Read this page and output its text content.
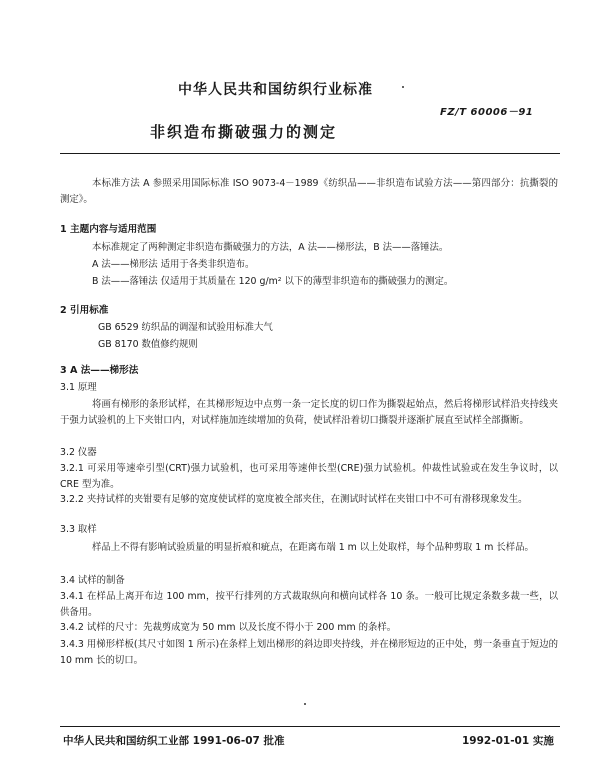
中华人民共和国纺织行业标准
FZ/T 60006－91
非织造布撕破强力的测定
本标准方法 A 参照采用国际标准 ISO 9073-4－1989《纺织品——非织造布试验方法——第四部分：抗撕裂的测定》。
1 主题内容与适用范围
本标准规定了两种测定非织造布撕破强力的方法，A 法——梯形法，B 法——落锤法。
A 法——梯形法 适用于各类非织造布。
B 法——落锤法 仅适用于其质量在 120 g/m² 以下的薄型非织造布的撕破强力的测定。
2 引用标准
GB 6529 纺织品的调湿和试验用标准大气
GB 8170 数值修约规则
3 A 法——梯形法
3.1 原理
将画有梯形的条形试样，在其梯形短边中点剪一条一定长度的切口作为撕裂起始点，然后将梯形试样沿夹持线夹于强力试验机的上下夹钳口内，对试样施加连续增加的负荷，使试样沿着切口撕裂并逐渐扩展直至试样全部撕断。
3.2 仪器
3.2.1 可采用等速牵引型(CRT)强力试验机，也可采用等速伸长型(CRE)强力试验机。仲裁性试验或在发生争议时，以 CRE 型为准。
3.2.2 夹持试样的夹钳要有足够的宽度使试样的宽度被全部夹住，在测试时试样在夹钳口中不可有滑移现象发生。
3.3 取样
样品上不得有影响试验质量的明显折痕和疵点，在距离布端 1 m 以上处取样，每个品种剪取 1 m 长样品。
3.4 试样的制备
3.4.1 在样品上离开布边 100 mm，按平行排列的方式裁取纵向和横向试样各 10 条。一般可比规定条数多裁一些，以供备用。
3.4.2 试样的尺寸：先裁剪成宽为 50 mm 以及长度不得小于 200 mm 的条样。
3.4.3 用梯形样板(其尺寸如图 1 所示)在条样上划出梯形的斜边即夹持线，并在梯形短边的正中处，剪一条垂直于短边的 10 mm 长的切口。
中华人民共和国纺织工业部 1991-06-07 批准	1992-01-01 实施
